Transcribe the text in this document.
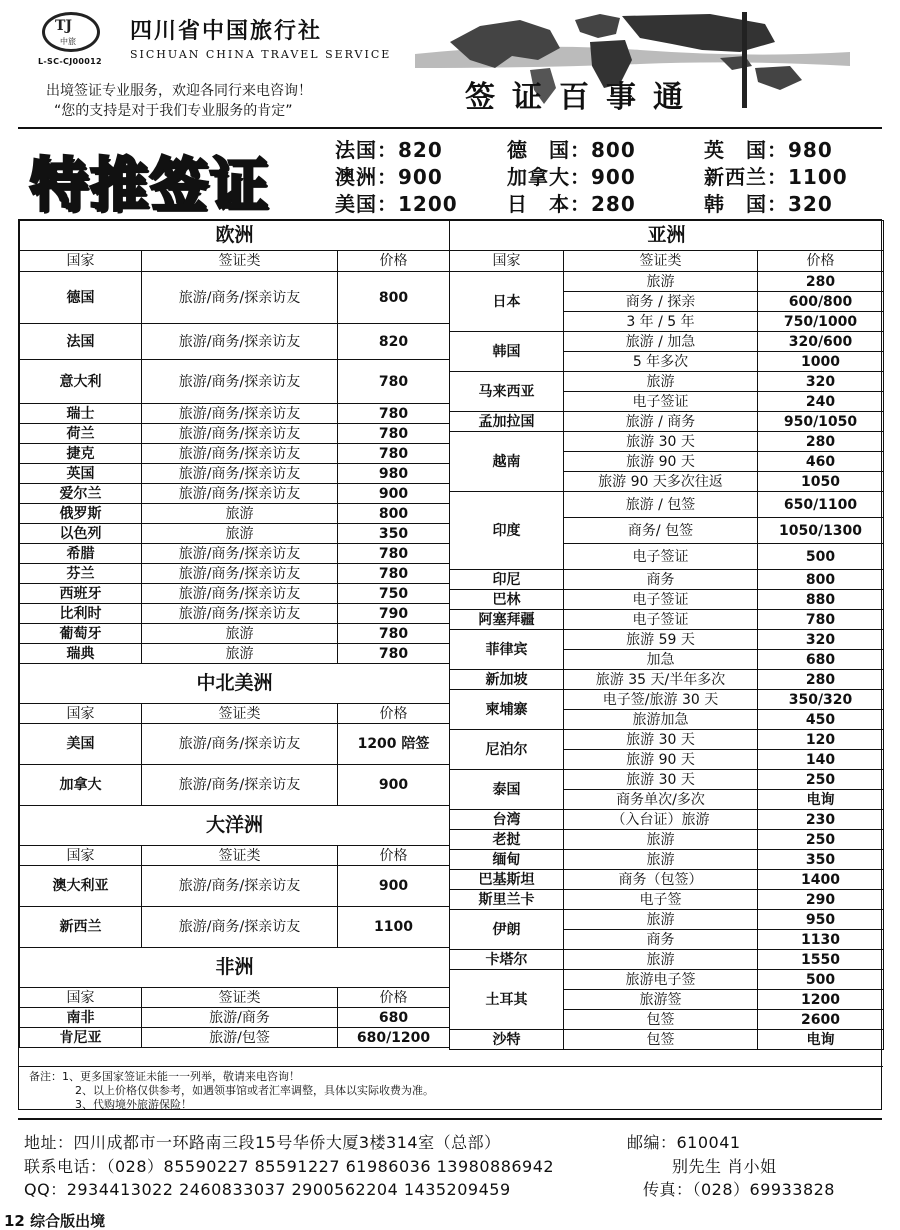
TJ
中旅
L-SC-CJ00012
四川省中国旅行社
SICHUAN CHINA TRAVEL SERVICE
出境签证专业服务，欢迎各同行来电咨询！
“您的支持是对于我们专业服务的肯定”	签证百事通
特推签证
法国：820	德　国：800	英　国：980
澳洲：900	加拿大：900	新西兰：1100
美国：1200 日　本：280	韩　国：320
欧洲		
国家	签证类	价格
德国	旅游/商务/探亲访友	800
法国	旅游/商务/探亲访友	820
意大利	旅游/商务/探亲访友	780
瑞士	旅游/商务/探亲访友	780
荷兰	旅游/商务/探亲访友	780
捷克	旅游/商务/探亲访友	780
英国	旅游/商务/探亲访友	980
爱尔兰	旅游/商务/探亲访友	900
俄罗斯	旅游	800
以色列	旅游	350
希腊	旅游/商务/探亲访友	780
芬兰	旅游/商务/探亲访友	780
西班牙	旅游/商务/探亲访友	750
比利时	旅游/商务/探亲访友	790
葡萄牙	旅游	780
瑞典	旅游	780
中北美洲		
国家	签证类	价格
美国	旅游/商务/探亲访友	1200 陪签
加拿大	旅游/商务/探亲访友	900
大洋洲		
国家	签证类	价格
澳大利亚	旅游/商务/探亲访友	900
新西兰	旅游/商务/探亲访友	1100
非洲		
国家	签证类	价格
南非	旅游/商务	680
肯尼亚	旅游/包签	680/1200
亚洲		
国家	签证类	价格
日本	旅游	280
	商务 / 探亲	600/800
	3 年 / 5 年	750/1000
韩国	旅游 / 加急	320/600
	5 年多次	1000
马来西亚	旅游	320
	电子签证	240
孟加拉国	旅游 / 商务	950/1050
越南	旅游 30 天	280
	旅游 90 天	460
	旅游 90 天多次往返	1050
印度	旅游 / 包签	650/1100
	商务/ 包签	1050/1300
	电子签证	500
印尼	商务	800
巴林	电子签证	880
阿塞拜疆	电子签证	780
菲律宾	旅游 59 天	320
	加急	680
新加坡	旅游 35 天/半年多次	280
柬埔寨	电子签/旅游 30 天	350/320
	旅游加急	450
尼泊尔	旅游 30 天	120
	旅游 90 天	140
泰国	旅游 30 天	250
	商务单次/多次	电询
台湾	（入台证）旅游	230
老挝	旅游	250
缅甸	旅游	350
巴基斯坦	商务（包签）	1400
斯里兰卡	电子签	290
伊朗	旅游	950
	商务	1130
卡塔尔	旅游	1550
土耳其	旅游电子签	500
	旅游签	1200
	包签	2600
沙特	包签	电询
备注：1、更多国家签证未能一一列举，敬请来电咨询！
2、以上价格仅供参考，如遇领事馆或者汇率调整，具体以实际收费为准。
3、代购境外旅游保险！
地址：四川成都市一环路南三段15号华侨大厦3楼314室（总部）	邮编：610041
联系电话：（028）85590227 85591227 61986036 13980886942	别先生 肖小姐
QQ：2934413022 2460833037 2900562204 1435209459	传真：（028）69933828
12 综合版出境
